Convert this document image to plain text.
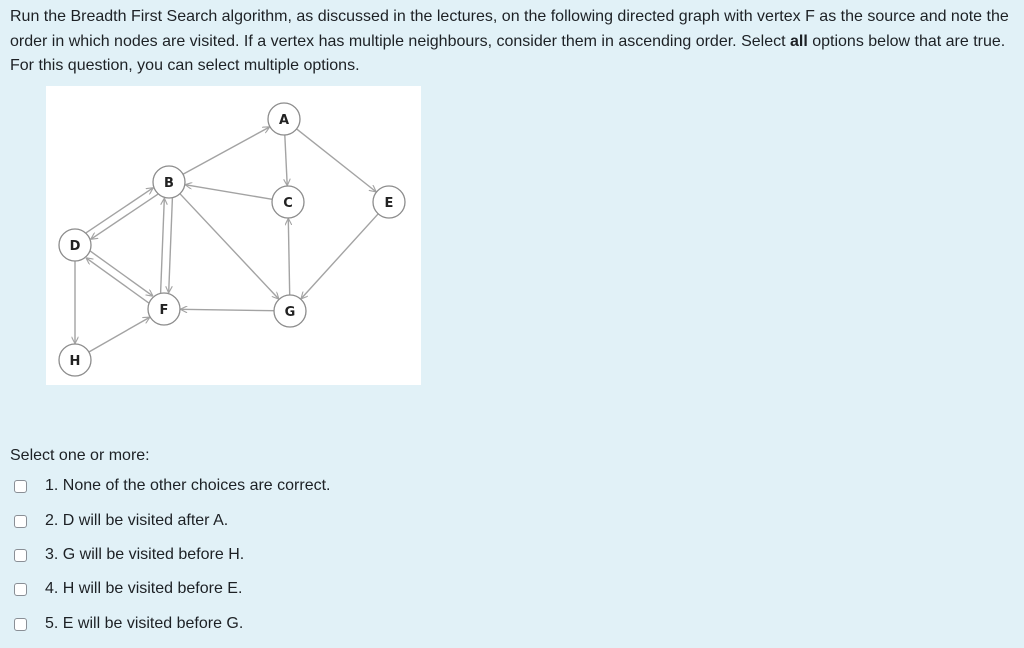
Run the Breadth First Search algorithm, as discussed in the lectures, on the following directed graph with vertex F as the source and note the order in which nodes are visited. If a vertex has multiple neighbours, consider them in ascending order. Select all options below that are true. For this question, you can select multiple options.
A
B
C
D
E
F	G
H
Select one or more:
1. None of the other choices are correct.
2. D will be visited after A.
3. G will be visited before H.
4. H will be visited before E.
5. E will be visited before G.
